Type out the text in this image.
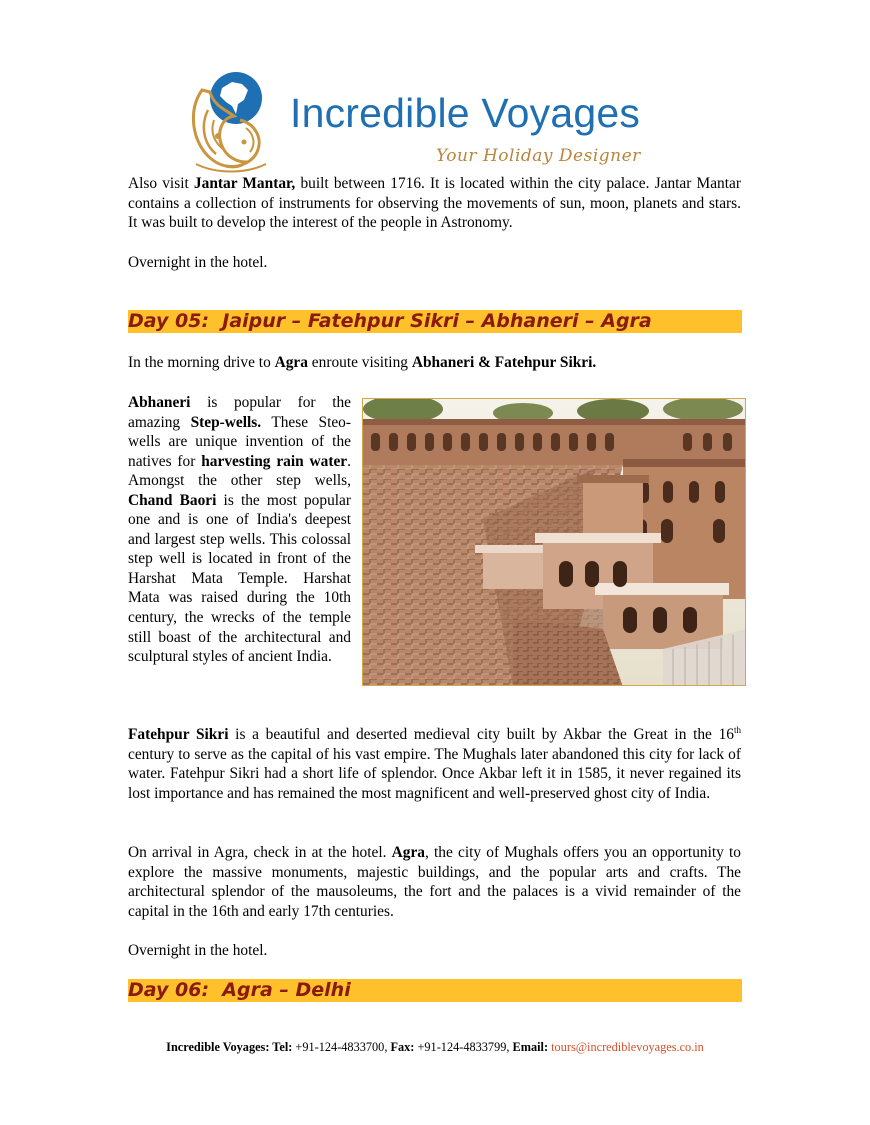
Incredible Voyages
Your Holiday Designer

Also visit Jantar Mantar, built between 1716. It is located within the city palace. Jantar Mantar contains a collection of instruments for observing the movements of sun, moon, planets and stars. It was built to develop the interest of the people in Astronomy.

Overnight in the hotel.

Day 05:  Jaipur – Fatehpur Sikri – Abhaneri – Agra

In the morning drive to Agra enroute visiting Abhaneri & Fatehpur Sikri.

Abhaneri is popular for the amazing Step-wells. These Steo-wells are unique invention of the natives for harvesting rain water. Amongst the other step wells, Chand Baori is the most popular one and is one of India's deepest and largest step wells. This colossal step well is located in front of the Harshat Mata Temple. Harshat Mata was raised during the 10th century, the wrecks of the temple still boast of the architectural and sculptural styles of ancient India.

Fatehpur Sikri is a beautiful and deserted medieval city built by Akbar the Great in the 16th century to serve as the capital of his vast empire. The Mughals later abandoned this city for lack of water. Fatehpur Sikri had a short life of splendor. Once Akbar left it in 1585, it never regained its lost importance and has remained the most magnificent and well-preserved ghost city of India.

On arrival in Agra, check in at the hotel. Agra, the city of Mughals offers you an opportunity to explore the massive monuments, majestic buildings, and the popular arts and crafts. The architectural splendor of the mausoleums, the fort and the palaces is a vivid remainder of the capital in the 16th and early 17th centuries.

Overnight in the hotel.

Day 06:  Agra – Delhi
Incredible Voyages: Tel: +91-124-4833700, Fax: +91-124-4833799, Email: tours@incrediblevoyages.co.in
